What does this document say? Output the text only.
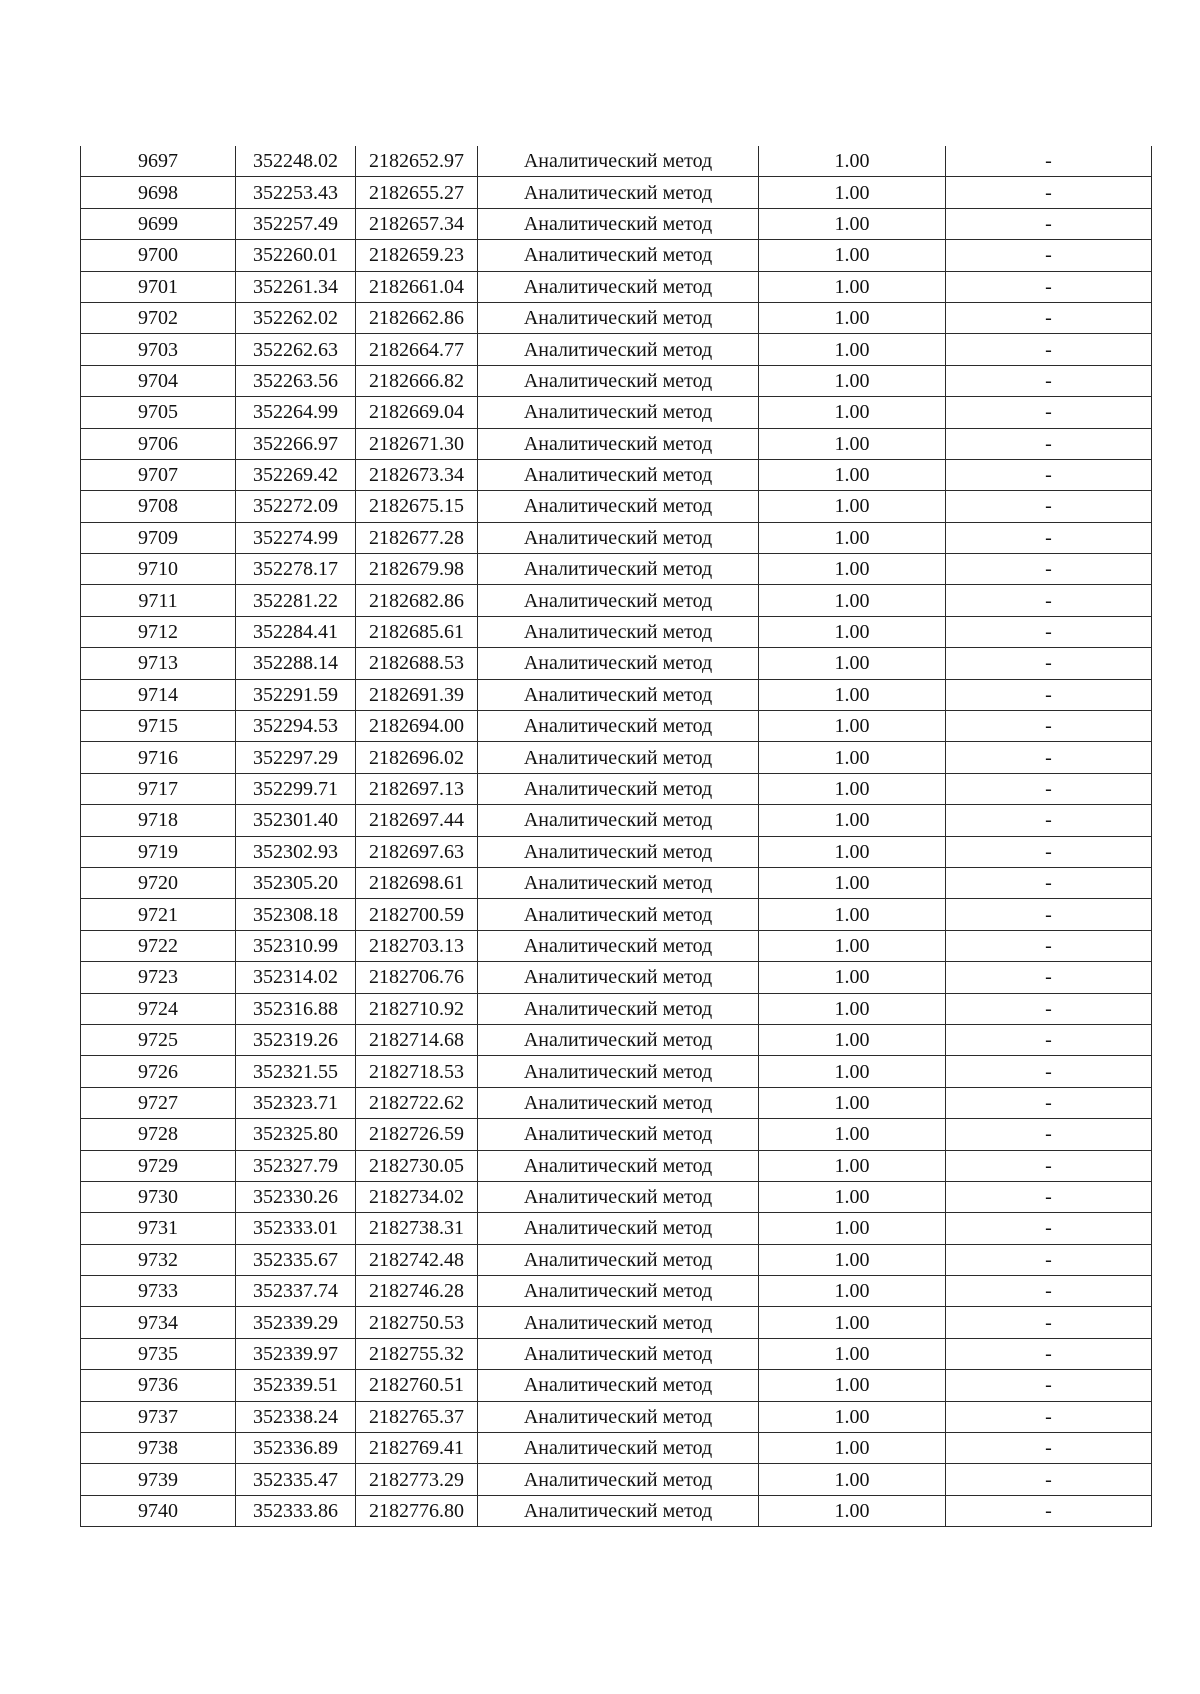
9697	352248.02	2182652.97	Аналитический метод	1.00	-
9698	352253.43	2182655.27	Аналитический метод	1.00	-
9699	352257.49	2182657.34	Аналитический метод	1.00	-
9700	352260.01	2182659.23	Аналитический метод	1.00	-
9701	352261.34	2182661.04	Аналитический метод	1.00	-
9702	352262.02	2182662.86	Аналитический метод	1.00	-
9703	352262.63	2182664.77	Аналитический метод	1.00	-
9704	352263.56	2182666.82	Аналитический метод	1.00	-
9705	352264.99	2182669.04	Аналитический метод	1.00	-
9706	352266.97	2182671.30	Аналитический метод	1.00	-
9707	352269.42	2182673.34	Аналитический метод	1.00	-
9708	352272.09	2182675.15	Аналитический метод	1.00	-
9709	352274.99	2182677.28	Аналитический метод	1.00	-
9710	352278.17	2182679.98	Аналитический метод	1.00	-
9711	352281.22	2182682.86	Аналитический метод	1.00	-
9712	352284.41	2182685.61	Аналитический метод	1.00	-
9713	352288.14	2182688.53	Аналитический метод	1.00	-
9714	352291.59	2182691.39	Аналитический метод	1.00	-
9715	352294.53	2182694.00	Аналитический метод	1.00	-
9716	352297.29	2182696.02	Аналитический метод	1.00	-
9717	352299.71	2182697.13	Аналитический метод	1.00	-
9718	352301.40	2182697.44	Аналитический метод	1.00	-
9719	352302.93	2182697.63	Аналитический метод	1.00	-
9720	352305.20	2182698.61	Аналитический метод	1.00	-
9721	352308.18	2182700.59	Аналитический метод	1.00	-
9722	352310.99	2182703.13	Аналитический метод	1.00	-
9723	352314.02	2182706.76	Аналитический метод	1.00	-
9724	352316.88	2182710.92	Аналитический метод	1.00	-
9725	352319.26	2182714.68	Аналитический метод	1.00	-
9726	352321.55	2182718.53	Аналитический метод	1.00	-
9727	352323.71	2182722.62	Аналитический метод	1.00	-
9728	352325.80	2182726.59	Аналитический метод	1.00	-
9729	352327.79	2182730.05	Аналитический метод	1.00	-
9730	352330.26	2182734.02	Аналитический метод	1.00	-
9731	352333.01	2182738.31	Аналитический метод	1.00	-
9732	352335.67	2182742.48	Аналитический метод	1.00	-
9733	352337.74	2182746.28	Аналитический метод	1.00	-
9734	352339.29	2182750.53	Аналитический метод	1.00	-
9735	352339.97	2182755.32	Аналитический метод	1.00	-
9736	352339.51	2182760.51	Аналитический метод	1.00	-
9737	352338.24	2182765.37	Аналитический метод	1.00	-
9738	352336.89	2182769.41	Аналитический метод	1.00	-
9739	352335.47	2182773.29	Аналитический метод	1.00	-
9740	352333.86	2182776.80	Аналитический метод	1.00	-
